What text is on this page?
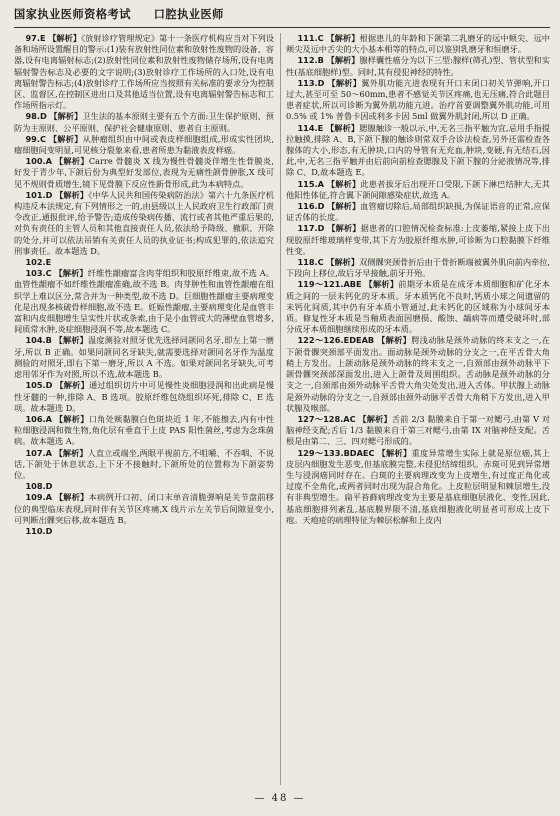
国家执业医师资格考试 口腔执业医师

97.E 【解析】《放射诊疗管理规定》第十一条医疗机构应当对下列设备和场所设置醒目的警示:(1)装有放射性同位素和放射性废物的设备、容器,设有电离辐射标志;(2)放射性同位素和放射性废物储存场所,设有电离辐射警告标志及必要的文字说明;(3)放射诊疗工作场所的入口处,设有电离辐射警告标志;(4)放射诊疗工作场所应当按照有关标准的要求分为控制区、监督区,在控制区进出口及其他适当位置,设有电离辐射警告标志和工作场所指示灯。

98.D 【解析】卫生法的基本原则主要有五个方面:卫生保护原则、预防为主原则、公平原则、保护社会健康原则、患者自主原则。

99.C 【解析】从肿瘤组织由中间或表皮样细胞组成,形成实性团块,瘤细胞间变明显,可见核分裂象来看,患者所患为黏液表皮样癌。

100.A 【解析】Carre 骨髓炎 X 线为慢性骨髓炎伴增生性骨膜炎,好发于青少年,下颌后份为典型好发部位,表现为无痛性颌骨肿胀,X 线可见不规则骨质增生,镜下见骨膜下反应性新骨形成,此为本病特点。

101.D 【解析】《中华人民共和国传染病防治法》第六十九条医疗机构违反本法规定,有下列情形之一的,由县级以上人民政府卫生行政部门责令改正,通报批评,给予警告;造成传染病传播、流行或者其他严重后果的,对负有责任的主管人员和其他直接责任人员,依法给予降级、撤职、开除的处分,并可以依法吊销有关责任人员的执业证书;构成犯罪的,依法追究刑事责任。故本题选 D。

102.E

103.C 【解析】纤维性龈瘤富含肉芽组织和胶原纤维束,故不选 A。血管性龈瘤不如纤维性龈瘤准确,故不选 B。肉芽肿性和血管性龈瘤在组织学上难以区分,常合并为一种类型,故不选 D。巨细胞性龈瘤主要病理变化是出现多核破骨样细胞,故不选 E。妊娠性龈瘤,主要病理变化是血管丰富和内皮细胞增生呈实性片状或条索,由于是小血管或大的薄壁血管增多,间质常水肿,炎症细胞浸润不等,故本题选 C。

104.B 【解析】温度测验对照牙优先选择同颌同名牙,即左上第一磨牙,所以 B 正确。如果同颌同名牙缺失,就需要选择对颌同名牙作为温度测验的对照牙,即右下第一磨牙,所以 A 不选。如果对颌同名牙缺失,可考虑用邻牙作为对照,所以不选,故本题选 B。

105.D 【解析】通过组织切片中可见慢性炎细胞浸润和出此病是慢性牙髓的一种,排除 A、B 选项。胶原纤维包绕组织坏死,排除 C、E 选项。故本题选 D。

106.A 【解析】口角处颊黏膜白色斑块近 1 年,不能擦去,内有中性粒细胞浸润和微生物,角化层有垂直于上皮 PAS 阳性菌丝,考虑为念珠菌病。故本题选 A。

107.A 【解析】人直立或端坐,两眼平视前方,不咀嚼、不吞咽、不说话,下颌处于休息状态,上下牙不接触时,下颌所处的位置称为下颌姿势位。

108.D

109.A 【解析】本病例开口初、闭口末单音清脆弹响是关节盘前移位的典型临床表现,同时伴有关节区疼痛,X 线片示左关节后间隙显变小,可判断出髁突后移,故本题选 B。

110.D

111.C 【解析】根据患儿的年龄和下颌第二乳磨牙的远中颊尖、远中颊尖及远中舌尖的大小基本相等的特点,可以鉴别乳磨牙和恒磨牙。

112.B 【解析】腺样囊性癌分为以下三型:腺样(筛孔)型、管状型和实性(基底细胞样)型。同时,其有侵犯神经的特性。

113.D 【解析】翼外肌功能亢进表现有开口末闭口初关节弹响,开口过大,甚至可至 50～60mm,患者不感觉关节区疼痛,也无压痛,符合此题目患者症状,所以可诊断为翼外肌功能亢进。治疗首要调整翼外肌功能,可用 0.5% 或 1% 普鲁卡因或利多卡因 5ml 做翼外肌封闭,所以 D 正确。

114.E 【解析】腮腺触诊一般以示,中,无名三指平触为宜,忌用手指提拉触摸,排除 A、B,下颌下腺的触诊则常双手合诊法检查,另外还需检查各腺体的大小,形态,有无肿块,口内的导管有无充血,肿块,变硬,有无结石,因此,中,无名三指平触并由后前向前检查腮腺及下颌下腺的分泌液情况等,排除 C、D,故本题选 E。

115.A 【解析】此患者拔牙后出现开口受限,下颌下淋巴结肿大,无其他阳性体征,符合翼下颌间隙感染症状,故选 A。

116.D 【解析】血管瘤切除后,局部组织缺损,为保证语音的正常,应保证舌体的长度。

117.D 【解析】据患者的口腔情况检查标准:上皮萎缩,紧接上皮下出现胶原纤维玻璃样变带,其下方为胶原纤维水肿,可诊断为口腔黏膜下纤维性变。

118.C 【解析】双侧髁突颈骨折后由于骨折断端被翼外肌向前内牵拉,下段向上移位,故后牙早接触,前牙开殆。

119～121.ABE 【解析】前期牙本质是在成牙本质细胞和矿化牙本质之间的一层未钙化的牙本质。牙本质钙化不良时,钙质小球之间遗留的未钙化间质,其中仍有牙本质小管通过,此未钙化的区域称为小球间牙本质。修复性牙本质是当釉质表面因磨损、酸蚀、龋病等而遭受破坏时,部分成牙本质细胞继续形成的牙本质。

122～126.EDEAB 【解析】腭浅动脉是颈外动脉的终末支之一,在下颌骨髁突颈部平面发出。面动脉是颈外动脉的分支之一,在平舌骨大角稍上方发出。上颌动脉是颈外动脉的终末支之一,自颈部由颈外动脉平下颌骨髁突颈部深面发出,进入上颌骨及周围组织。舌动脉是颈外动脉的分支之一,自颈部由颈外动脉平舌骨大角尖处发出,进入舌体。甲状腺上动脉是颈外动脉的分支之一,自颈部由颈外动脉平舌骨大角稍下方发出,进入甲状腺及喉部。

127～128.AC 【解析】舌前 2/3 黏膜来自于第一对鳃弓,由第 V 对脑神经支配;舌后 1/3 黏膜来自于第三对鳃弓,由第 IX 对脑神经支配。舌根是由第二、三、四对鳃弓形成的。

129～133.BDAEC 【解析】重度异常增生实际上就是原位癌,其上皮层内细胞发生恶变,但基底膜完整,未侵犯结缔组织。赤斑可见到异常增生与浸润癌同时存在。白斑的主要病理改变为上皮增生,有过度正角化或过度不全角化,或两者同时出现为混合角化。上皮粒层明显和棘层增生,没有非典型增生。扁平苔藓病理改变为主要是基底细胞层液化、变性,因此,基底细胞排列紊乱,基底膜界限不清,基底细胞液化明显者可形成上皮下疱。天疱疮的病理特征为棘层松解和上皮内

— 48 —
